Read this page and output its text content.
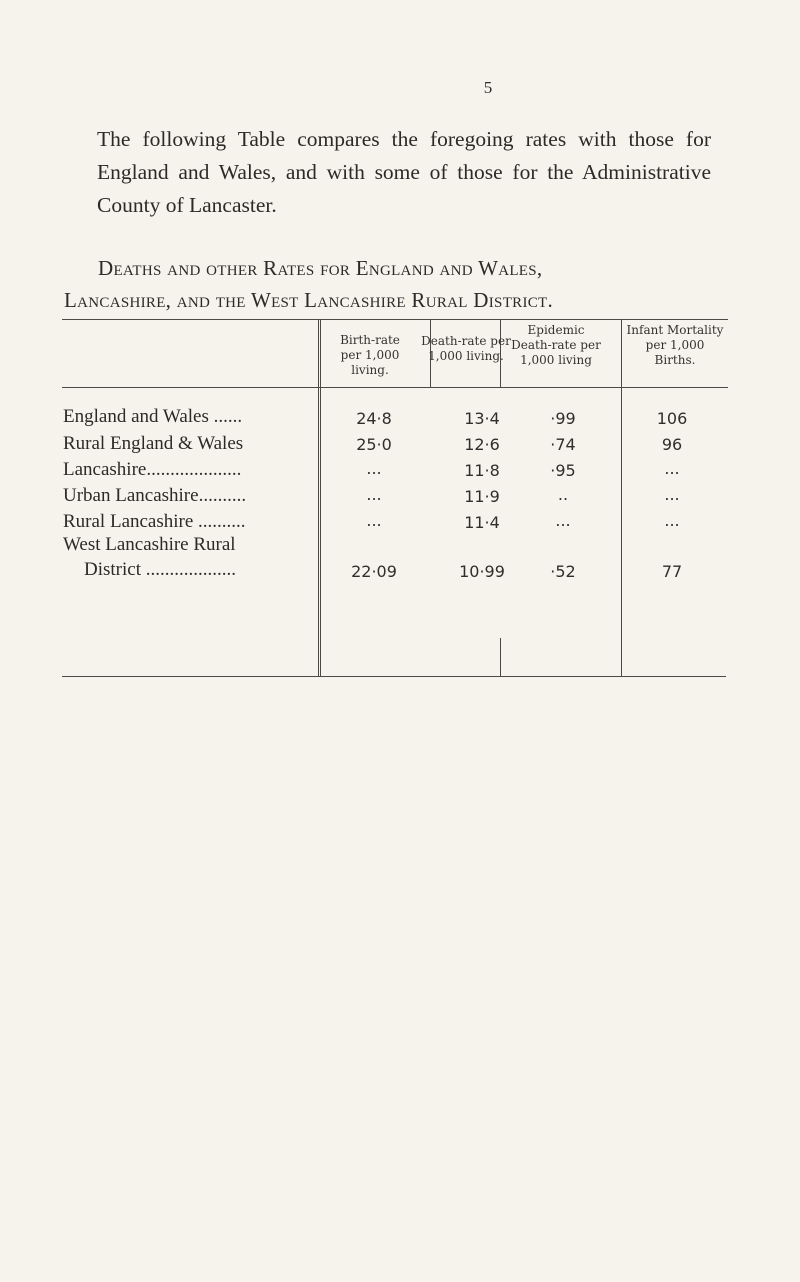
5

The following Table compares the foregoing rates with those for England and Wales, and with some of those for the Administrative County of Lancaster.

Deaths and other Rates for England and Wales,
Lancashire, and the West Lancashire Rural District.
Birth-rate per 1,000 living.
Death-rate per 1,000 living.
Epidemic Death-rate per 1,000 living
Infant Mortality per 1,000 Births.
England and Wales ......	24·8	13·4	·99	106
Rural England & Wales	25·0	12·6	·74	96
Lancashire....................	...	11·8	·95	...
Urban Lancashire..........	...	11·9	..	...
Rural Lancashire ..........	...	11·4	...	...
West Lancashire Rural
District ...................	22·09	10·99	·52	77
